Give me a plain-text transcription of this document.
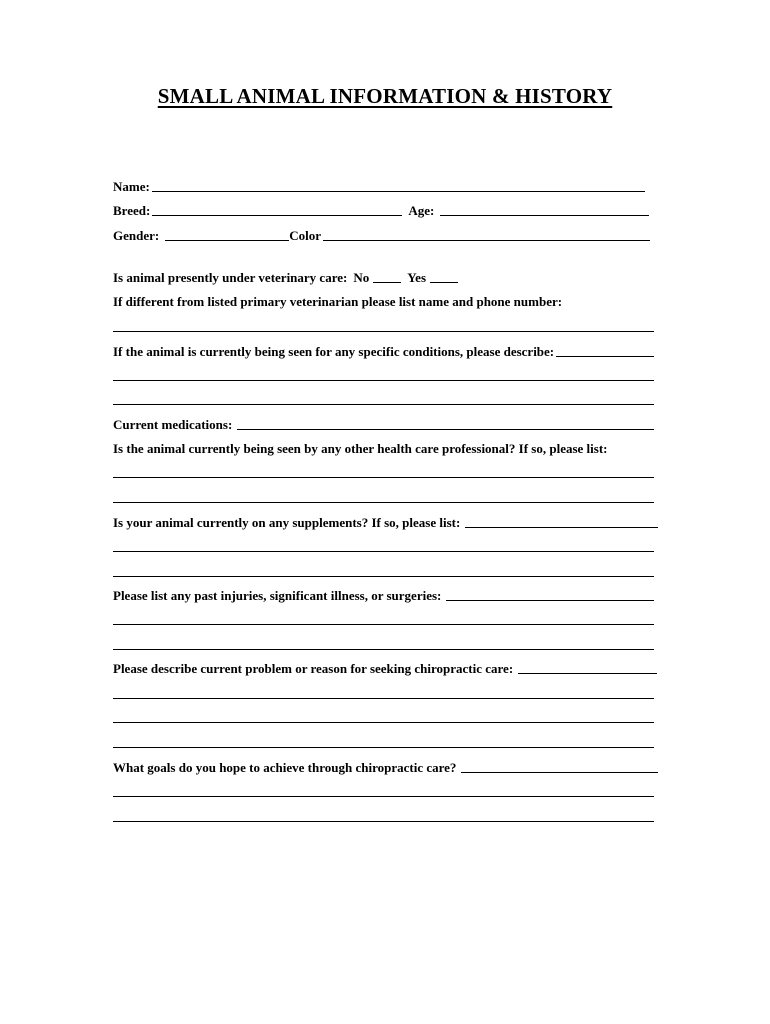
SMALL ANIMAL INFORMATION & HISTORY
Name:
Breed:	Age:
Gender:	Color
Is animal presently under veterinary care: No	Yes
If different from listed primary veterinarian please list name and phone number:
If the animal is currently being seen for any specific conditions, please describe:
Current medications:
Is the animal currently being seen by any other health care professional? If so, please list:
Is your animal currently on any supplements? If so, please list:
Please list any past injuries, significant illness, or surgeries:
Please describe current problem or reason for seeking chiropractic care:
What goals do you hope to achieve through chiropractic care?
